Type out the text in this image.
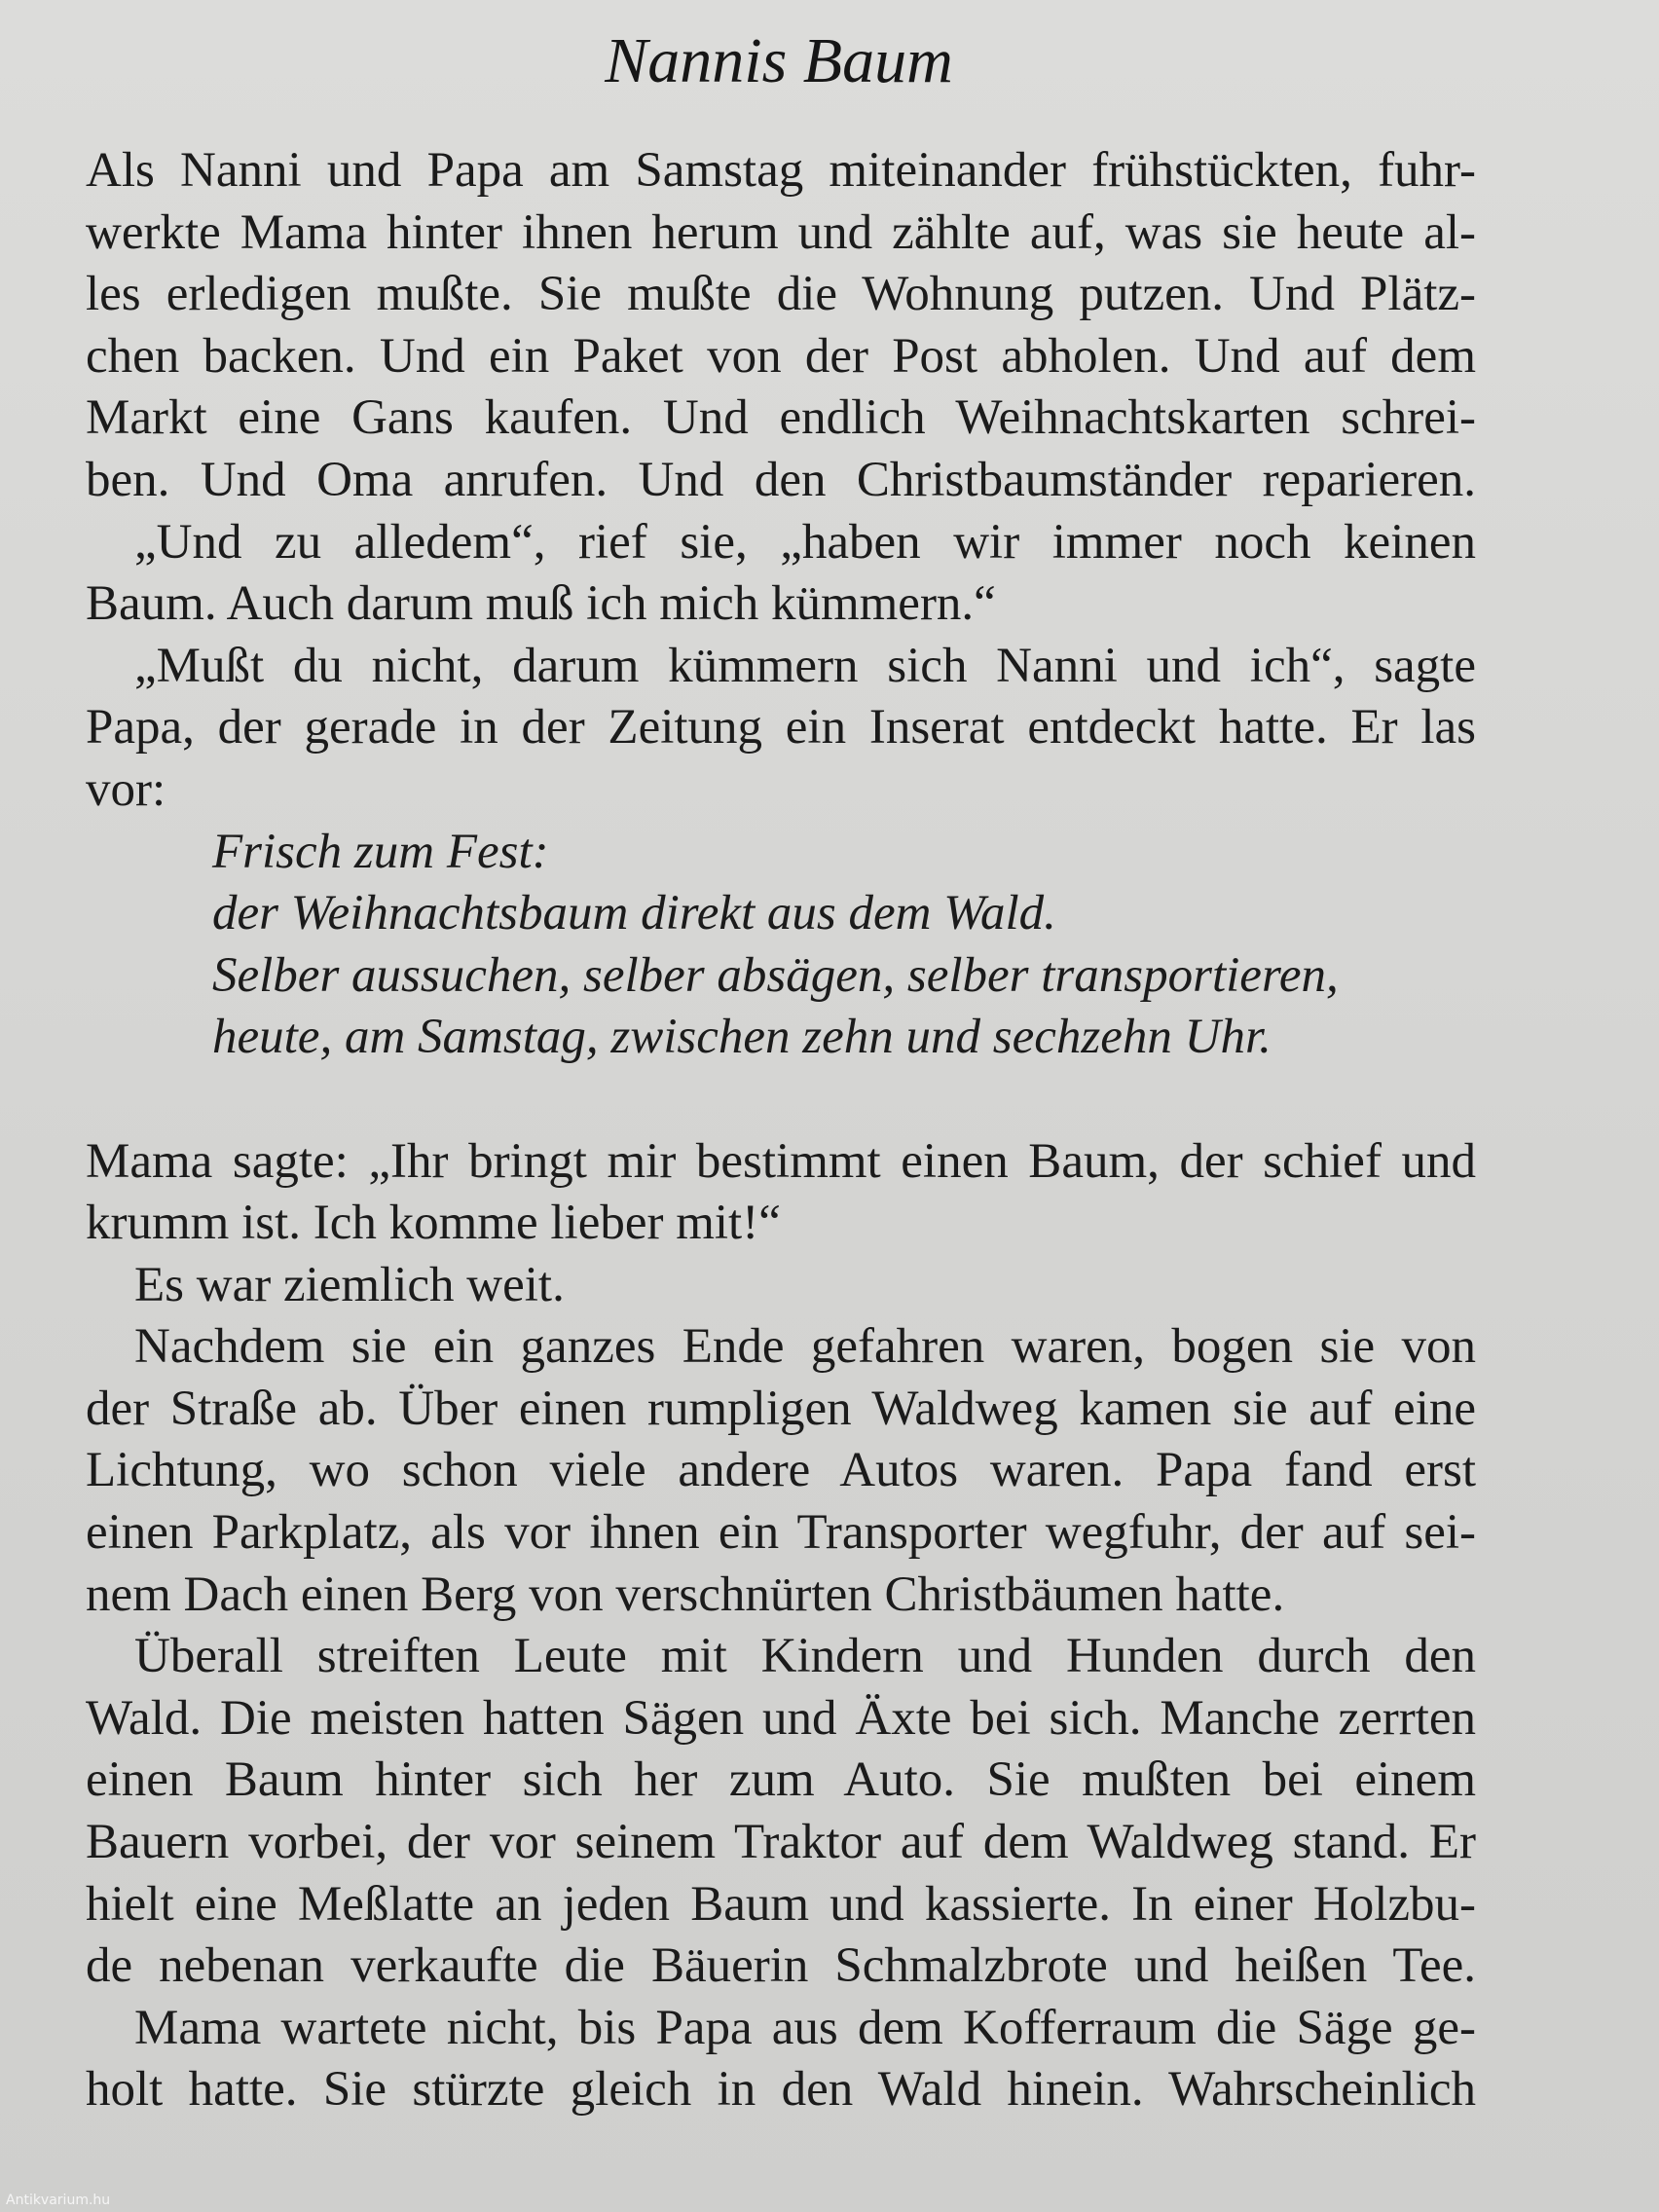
Nannis Baum
Als Nanni und Papa am Samstag miteinander frühstückten, fuhr-
werkte Mama hinter ihnen herum und zählte auf, was sie heute al-
les erledigen mußte. Sie mußte die Wohnung putzen. Und Plätz-
chen backen. Und ein Paket von der Post abholen. Und auf dem
Markt eine Gans kaufen. Und endlich Weihnachtskarten schrei-
ben. Und Oma anrufen. Und den Christbaumständer reparieren.
„Und zu alledem“, rief sie, „haben wir immer noch keinen
Baum. Auch darum muß ich mich kümmern.“
„Mußt du nicht, darum kümmern sich Nanni und ich“, sagte
Papa, der gerade in der Zeitung ein Inserat entdeckt hatte. Er las
vor:
Frisch zum Fest:
der Weihnachtsbaum direkt aus dem Wald.
Selber aussuchen, selber absägen, selber transportieren,
heute, am Samstag, zwischen zehn und sechzehn Uhr.
Mama sagte: „Ihr bringt mir bestimmt einen Baum, der schief und
krumm ist. Ich komme lieber mit!“
Es war ziemlich weit.
Nachdem sie ein ganzes Ende gefahren waren, bogen sie von
der Straße ab. Über einen rumpligen Waldweg kamen sie auf eine
Lichtung, wo schon viele andere Autos waren. Papa fand erst
einen Parkplatz, als vor ihnen ein Transporter wegfuhr, der auf sei-
nem Dach einen Berg von verschnürten Christbäumen hatte.
Überall streiften Leute mit Kindern und Hunden durch den
Wald. Die meisten hatten Sägen und Äxte bei sich. Manche zerrten
einen Baum hinter sich her zum Auto. Sie mußten bei einem
Bauern vorbei, der vor seinem Traktor auf dem Waldweg stand. Er
hielt eine Meßlatte an jeden Baum und kassierte. In einer Holzbu-
de nebenan verkaufte die Bäuerin Schmalzbrote und heißen Tee.
Mama wartete nicht, bis Papa aus dem Kofferraum die Säge ge-
holt hatte. Sie stürzte gleich in den Wald hinein. Wahrscheinlich
Antikvarium.hu
